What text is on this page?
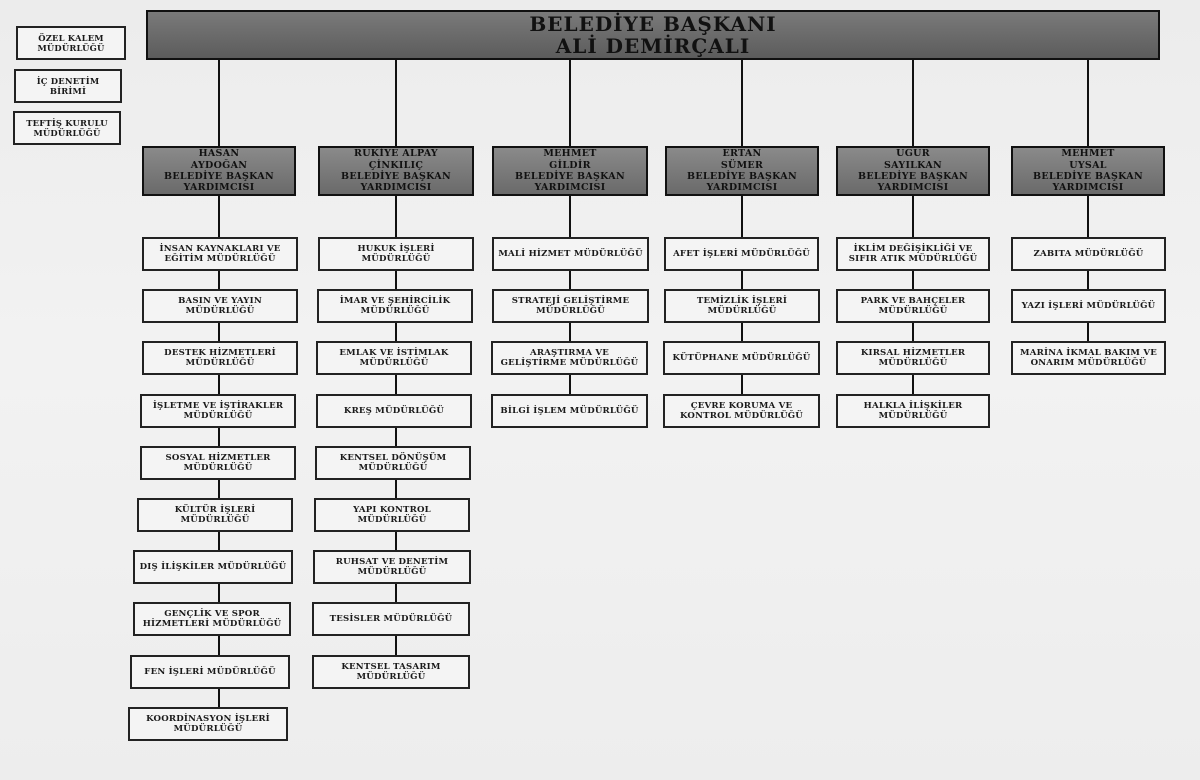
BELEDİYE BAŞKANI
ALİ DEMİRÇALI
ÖZEL KALEM
MÜDÜRLÜĞÜ
İÇ DENETİM
BİRİMİ
TEFTİŞ KURULU
MÜDÜRLÜĞÜ
HASAN
AYDOĞAN
BELEDİYE BAŞKAN
YARDIMCISI
İNSAN KAYNAKLARI VE
EĞİTİM MÜDÜRLÜĞÜ
BASIN VE YAYIN
MÜDÜRLÜĞÜ
DESTEK HİZMETLERİ
MÜDÜRLÜĞÜ
İŞLETME VE İŞTİRAKLER
MÜDÜRLÜĞÜ
SOSYAL HİZMETLER
MÜDÜRLÜĞÜ
KÜLTÜR İŞLERİ
MÜDÜRLÜĞÜ
DIŞ İLİŞKİLER MÜDÜRLÜĞÜ
GENÇLİK VE SPOR
HİZMETLERİ MÜDÜRLÜĞÜ
FEN İŞLERİ MÜDÜRLÜĞÜ
KOORDİNASYON İŞLERİ
MÜDÜRLÜĞÜ
RUKİYE ALPAY
ÇİNKILIÇ
BELEDİYE BAŞKAN
YARDIMCISI
HUKUK İŞLERİ
MÜDÜRLÜĞÜ
İMAR VE ŞEHİRCİLİK
MÜDÜRLÜĞÜ
EMLAK VE İSTİMLAK
MÜDÜRLÜĞÜ
KREŞ MÜDÜRLÜĞÜ
KENTSEL DÖNÜŞÜM
MÜDÜRLÜĞÜ
YAPI KONTROL
MÜDÜRLÜĞÜ
RUHSAT VE DENETİM
MÜDÜRLÜĞÜ
TESİSLER MÜDÜRLÜĞÜ
KENTSEL TASARIM
MÜDÜRLÜĞÜ
MEHMET
GİLDİR
BELEDİYE BAŞKAN
YARDIMCISI
MALİ HİZMET MÜDÜRLÜĞÜ
STRATEJİ GELİŞTİRME
MÜDÜRLÜĞÜ
ARAŞTIRMA VE
GELİŞTİRME MÜDÜRLÜĞÜ
BİLGİ İŞLEM MÜDÜRLÜĞÜ
ERTAN
SÜMER
BELEDİYE BAŞKAN
YARDIMCISI
AFET İŞLERİ MÜDÜRLÜĞÜ
TEMİZLİK İŞLERİ
MÜDÜRLÜĞÜ
KÜTÜPHANE MÜDÜRLÜĞÜ
ÇEVRE KORUMA VE
KONTROL MÜDÜRLÜĞÜ
UĞUR
SAYILKAN
BELEDİYE BAŞKAN
YARDIMCISI
İKLİM DEĞİŞİKLİĞİ VE
SIFIR ATIK MÜDÜRLÜĞÜ
PARK VE BAHÇELER
MÜDÜRLÜĞÜ
KIRSAL HİZMETLER
MÜDÜRLÜĞÜ
HALKLA İLİŞKİLER
MÜDÜRLÜĞÜ
MEHMET
UYSAL
BELEDİYE BAŞKAN
YARDIMCISI
ZABITA MÜDÜRLÜĞÜ
YAZI İŞLERİ MÜDÜRLÜĞÜ
MARİNA İKMAL BAKIM VE
ONARIM MÜDÜRLÜĞÜ
